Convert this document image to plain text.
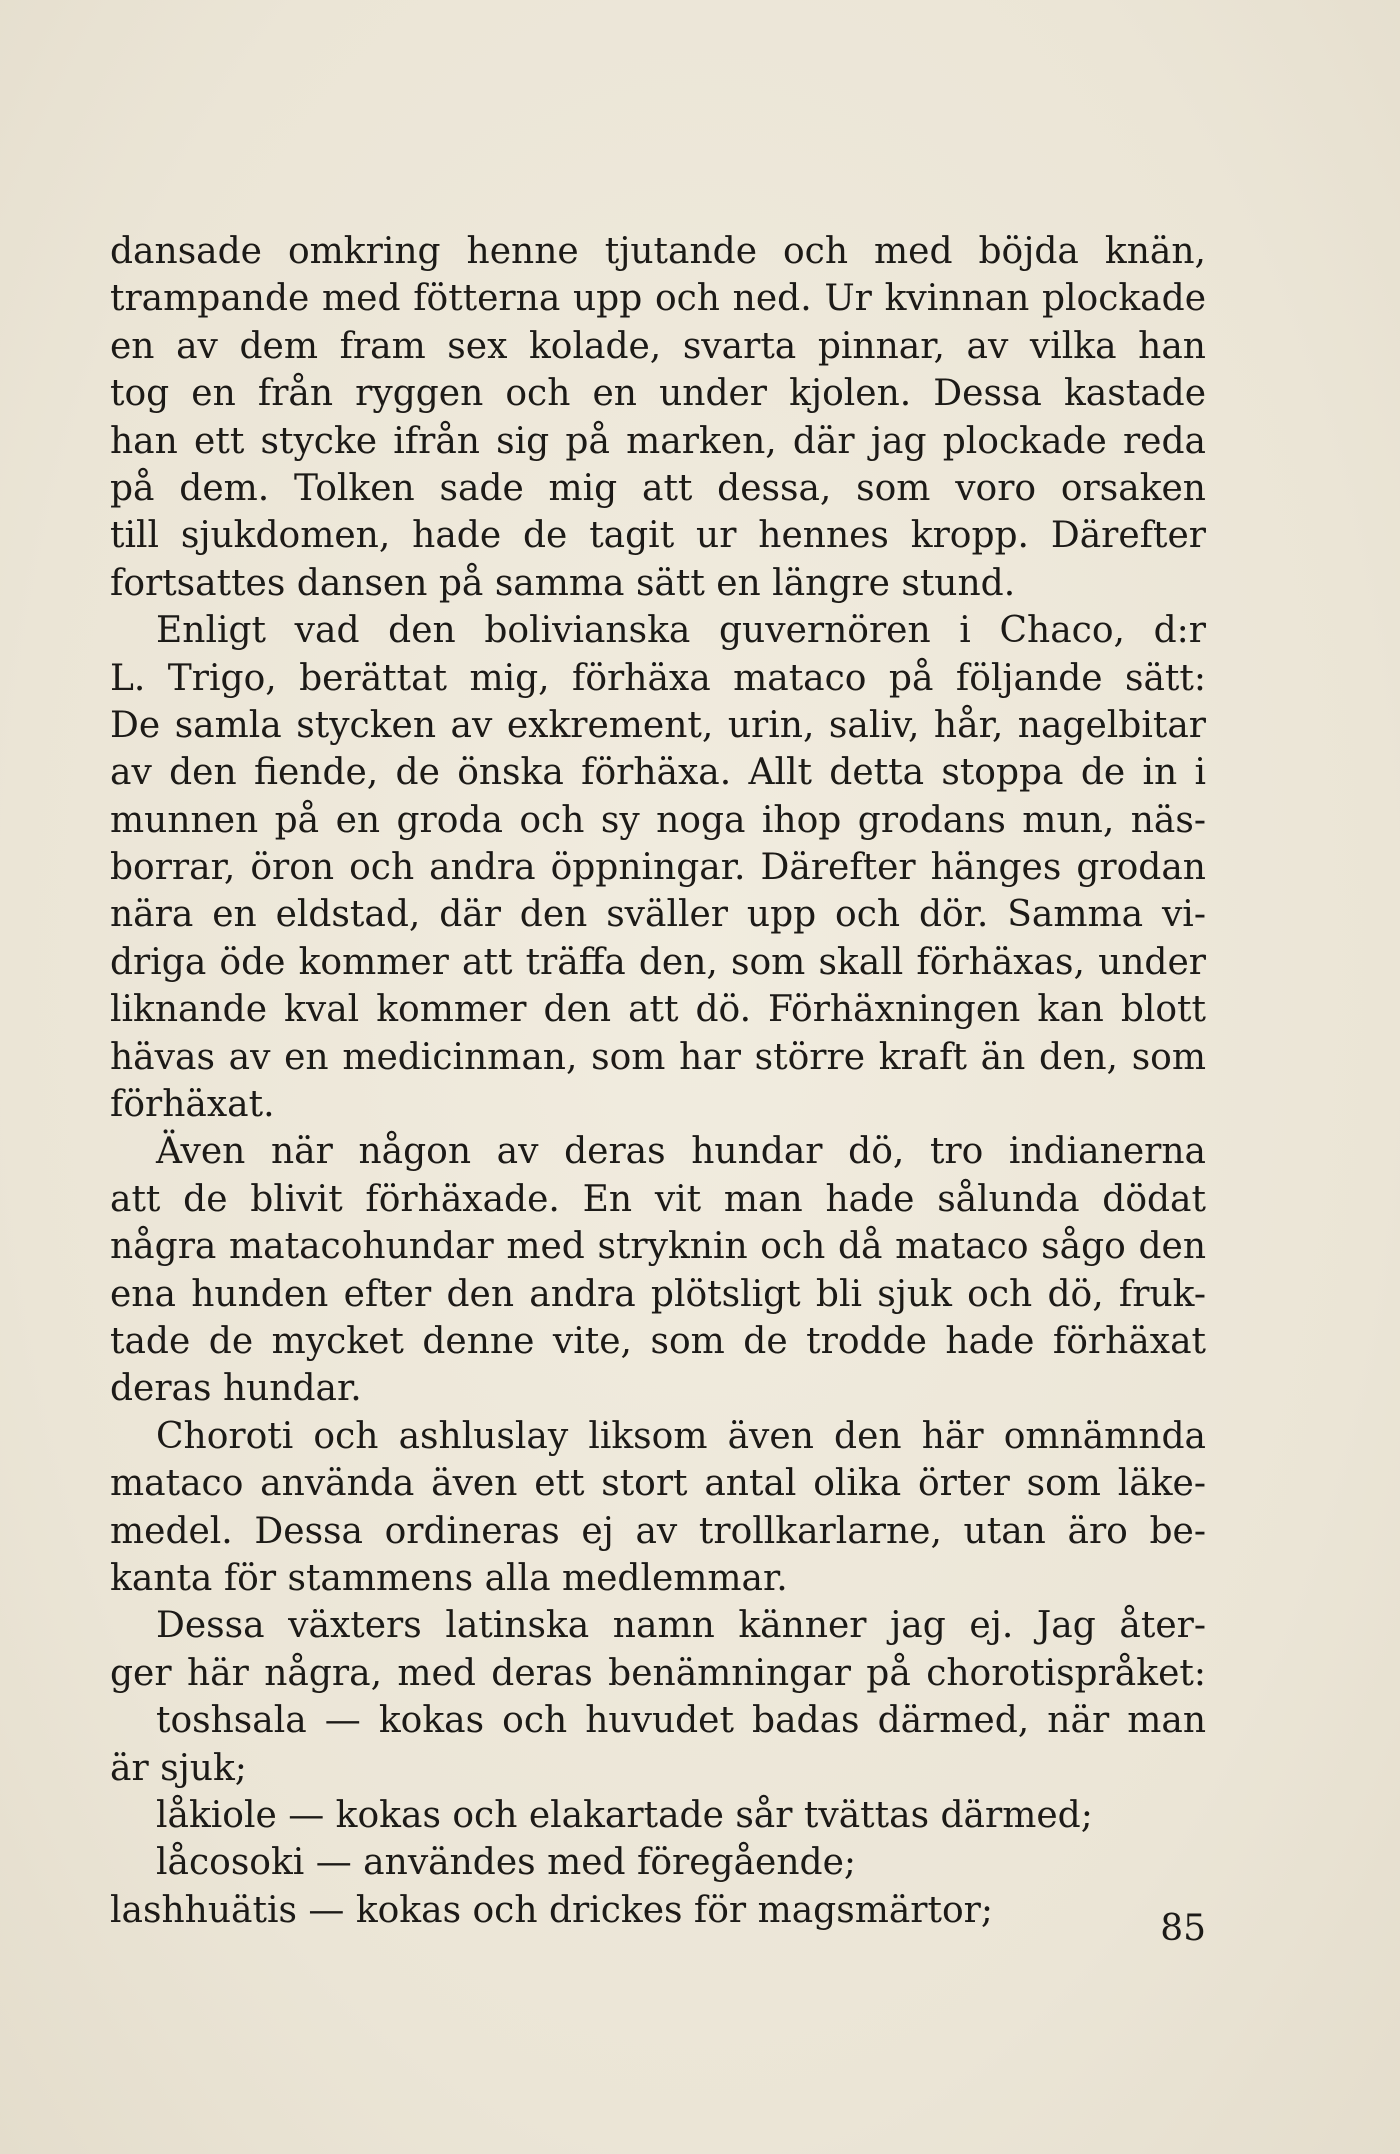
dansade omkring henne tjutande och med böjda knän,
trampande med fötterna upp och ned. Ur kvinnan plockade
en av dem fram sex kolade, svarta pinnar, av vilka han
tog en från ryggen och en under kjolen. Dessa kastade
han ett stycke ifrån sig på marken, där jag plockade reda
på dem. Tolken sade mig att dessa, som voro orsaken
till sjukdomen, hade de tagit ur hennes kropp. Därefter
fortsattes dansen på samma sätt en längre stund.
Enligt vad den bolivianska guvernören i Chaco, d:r
L. Trigo, berättat mig, förhäxa mataco på följande sätt:
De samla stycken av exkrement, urin, saliv, hår, nagelbitar
av den fiende, de önska förhäxa. Allt detta stoppa de in i
munnen på en groda och sy noga ihop grodans mun, näs-
borrar, öron och andra öppningar. Därefter hänges grodan
nära en eldstad, där den sväller upp och dör. Samma vi-
driga öde kommer att träffa den, som skall förhäxas, under
liknande kval kommer den att dö. Förhäxningen kan blott
hävas av en medicinman, som har större kraft än den, som
förhäxat.
Även när någon av deras hundar dö, tro indianerna
att de blivit förhäxade. En vit man hade sålunda dödat
några matacohundar med stryknin och då mataco sågo den
ena hunden efter den andra plötsligt bli sjuk och dö, fruk-
tade de mycket denne vite, som de trodde hade förhäxat
deras hundar.
Choroti och ashluslay liksom även den här omnämnda
mataco använda även ett stort antal olika örter som läke-
medel. Dessa ordineras ej av trollkarlarne, utan äro be-
kanta för stammens alla medlemmar.
Dessa växters latinska namn känner jag ej. Jag åter-
ger här några, med deras benämningar på chorotispråket:
toshsala — kokas och huvudet badas därmed, när man
är sjuk;
låkiole — kokas och elakartade sår tvättas därmed;
låcosoki — användes med föregående;
lashhuätis — kokas och drickes för magsmärtor;	85
